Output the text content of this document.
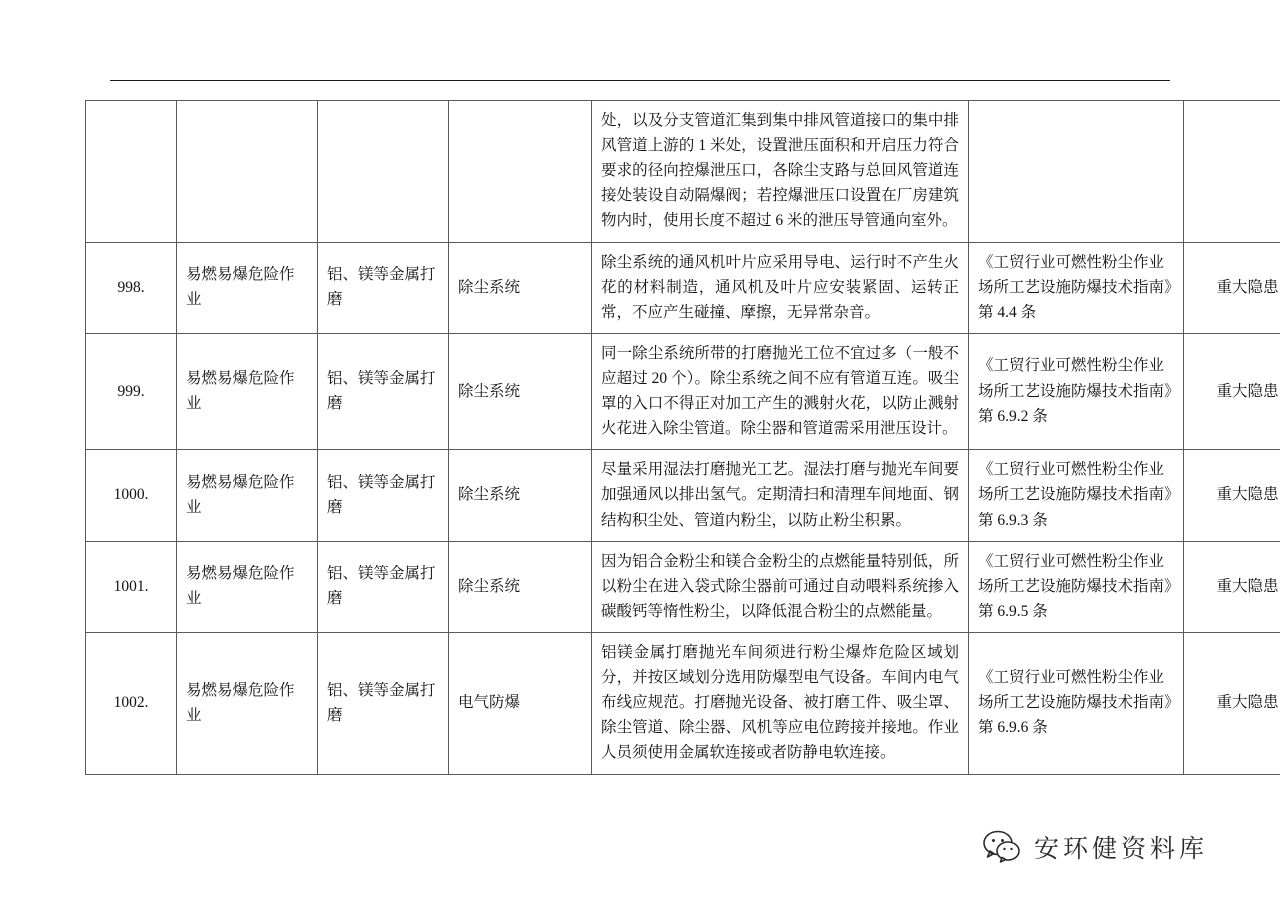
				处，以及分支管道汇集到集中排风管道接口的集中排风管道上游的 1 米处，设置泄压面积和开启压力符合要求的径向控爆泄压口，各除尘支路与总回风管道连接处装设自动隔爆阀；若控爆泄压口设置在厂房建筑物内时，使用长度不超过 6 米的泄压导管通向室外。		
998.	易燃易爆危险作业	铝、镁等金属打磨	除尘系统	除尘系统的通风机叶片应采用导电、运行时不产生火花的材料制造，通风机及叶片应安装紧固、运转正常，不应产生碰撞、摩擦，无异常杂音。	《工贸行业可燃性粉尘作业场所工艺设施防爆技术指南》第 4.4 条	重大隐患
999.	易燃易爆危险作业	铝、镁等金属打磨	除尘系统	同一除尘系统所带的打磨抛光工位不宜过多（一般不应超过 20 个）。除尘系统之间不应有管道互连。吸尘罩的入口不得正对加工产生的溅射火花，以防止溅射火花进入除尘管道。除尘器和管道需采用泄压设计。	《工贸行业可燃性粉尘作业场所工艺设施防爆技术指南》第 6.9.2 条	重大隐患
1000.	易燃易爆危险作业	铝、镁等金属打磨	除尘系统	尽量采用湿法打磨抛光工艺。湿法打磨与抛光车间要加强通风以排出氢气。定期清扫和清理车间地面、钢结构积尘处、管道内粉尘，以防止粉尘积累。	《工贸行业可燃性粉尘作业场所工艺设施防爆技术指南》第 6.9.3 条	重大隐患
1001.	易燃易爆危险作业	铝、镁等金属打磨	除尘系统	因为铝合金粉尘和镁合金粉尘的点燃能量特别低，所以粉尘在进入袋式除尘器前可通过自动喂料系统掺入碳酸钙等惰性粉尘，以降低混合粉尘的点燃能量。	《工贸行业可燃性粉尘作业场所工艺设施防爆技术指南》第 6.9.5 条	重大隐患
1002.	易燃易爆危险作业	铝、镁等金属打磨	电气防爆	铝镁金属打磨抛光车间须进行粉尘爆炸危险区域划分，并按区域划分选用防爆型电气设备。车间内电气布线应规范。打磨抛光设备、被打磨工件、吸尘罩、除尘管道、除尘器、风机等应电位跨接并接地。作业人员须使用金属软连接或者防静电软连接。	《工贸行业可燃性粉尘作业场所工艺设施防爆技术指南》第 6.9.6 条	重大隐患
安环健资料库
